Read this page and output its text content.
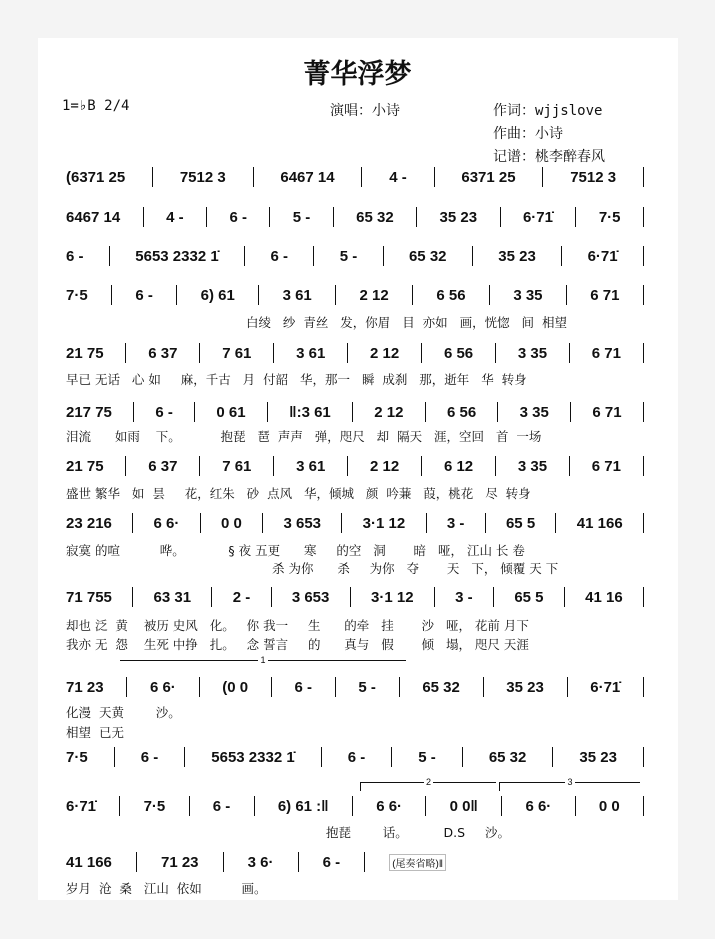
菁华浮梦
1=♭B 2/4	演唱：小诗	作词：wjjslove
作曲：小诗
记谱：桃李醉春风
(6371 25	7512 3	6467 14	4 -	6371 25	7512 3
6467 14	4 -	6 -	5 -	65 32	35 23	6·71̇	7·5
6 -	5653 2332 1̇	6 -	5 -	65 32	35 23	6·71̇
7·5	6 -	6) 61	3 61	2 12	6 56	3 35	6 71
21 75	6 37	7 61	3 61	2 12	6 56	3 35	6 71
217 75	6 -	0 61	‖:3 61	2 12	6 56	3 35	6 71
21 75	6 37	7 61	3 61	2 12	6 12	3 35	6 71
23 216	6 6·	0 0	3 653	3·1 12	3 -	65 5	41 166
71 755	63 31	2 -	3 653	3·1 12	3 -	65 5	41 16
71 23	6 6·	(0 0	6 -	5 -	65 32	35 23	6·71̇
7·5	6 -	5653 2332 1̇	6 -	5 -	65 32	35 23
6·71̇	7·5	6 -	6) 61 :‖	6 6·	0 0‖	6 6·	0 0
41 166	71 23	3 6·	6 -	(尾奏省略)‖
白绫   纱  青丝   发，你眉   目  亦如   画，恍惚   间  相望
早已 无话   心 如     麻，千古   月  付韶   华，那一   瞬  成刹   那，逝年   华  转身
泪流      如雨    下。          抱琵   琶  声声   弹，咫尺   却  隔天   涯，空回   首  一场
盛世 繁华   如  昙     花，红朱   砂  点风   华，倾城   颜  吟蒹   葭，桃花   尽  转身
寂寞 的喧          哗。           § 夜 五更      寒     的空   洞       暗   哑， 江山 长 卷
杀 为你      杀     为你   夺       天   下， 倾覆 天 下
却也 泛  黄    被历 史风   化。   你 我一     生      的牵   挂       沙   哑， 花前 月下
我亦 无  怨    生死 中挣   扎。   念 誓言     的      真与   假       倾   塌， 咫尺 天涯
化漫  天黄        沙。
相望  已无
抱琵        话。         D.S     沙。
岁月  沧  桑   江山  依如          画。
1
2	3
